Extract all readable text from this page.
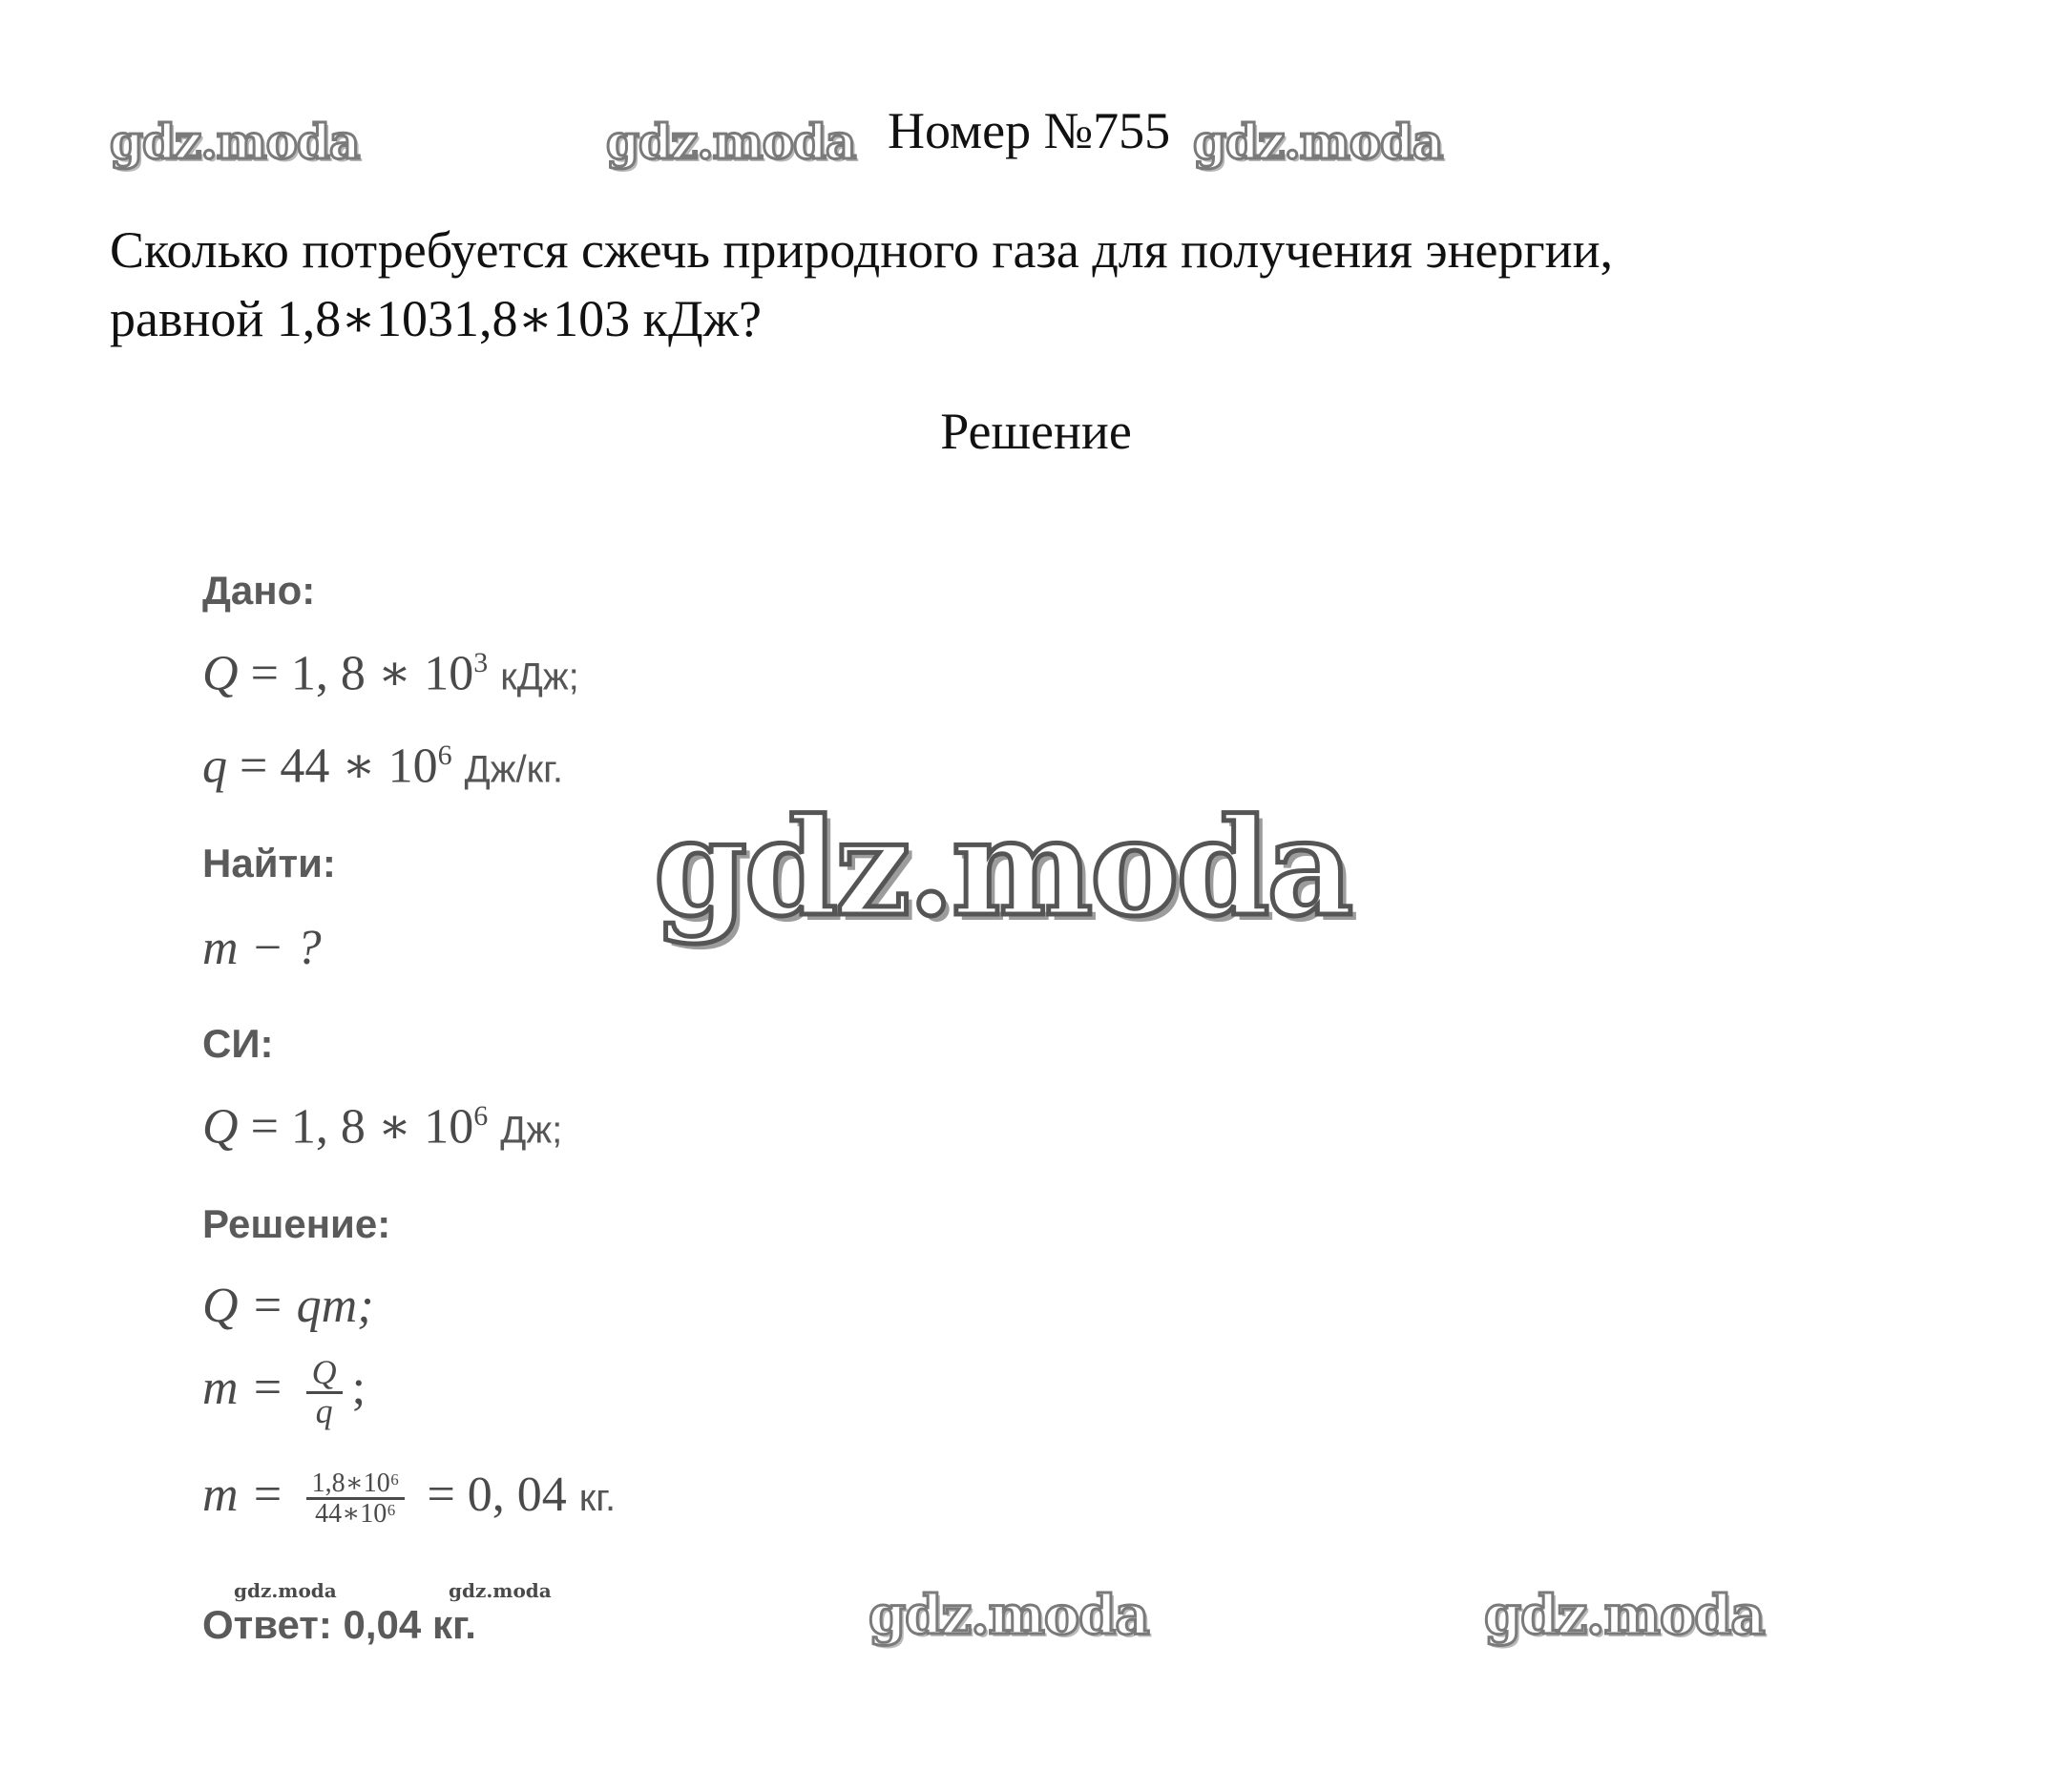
gdz.moda	gdz.moda	gdz.moda
gdz.moda
gdz.moda	gdz.moda
gdz.moda	gdz.moda
Номер №755
Сколько потребуется сжечь природного газа для получения энергии,
равной 1,8∗1031,8∗103 кДж?
Решение
Дано:
Q = 1, 8 ∗ $10^3$ кДж;
q = 44 ∗ $10^6$ Дж/кг.
Найти:
m − ?
СИ:
Q = 1, 8 ∗ $10^6$ Дж;
Решение:
Q = qm;
$m = \frac{Q}{q}$ ;
$m = \frac{\text{1,8∗10⁶}}{\text{44∗10⁶}} = 0$, 04 кг.
Ответ: 0,04 кг.
